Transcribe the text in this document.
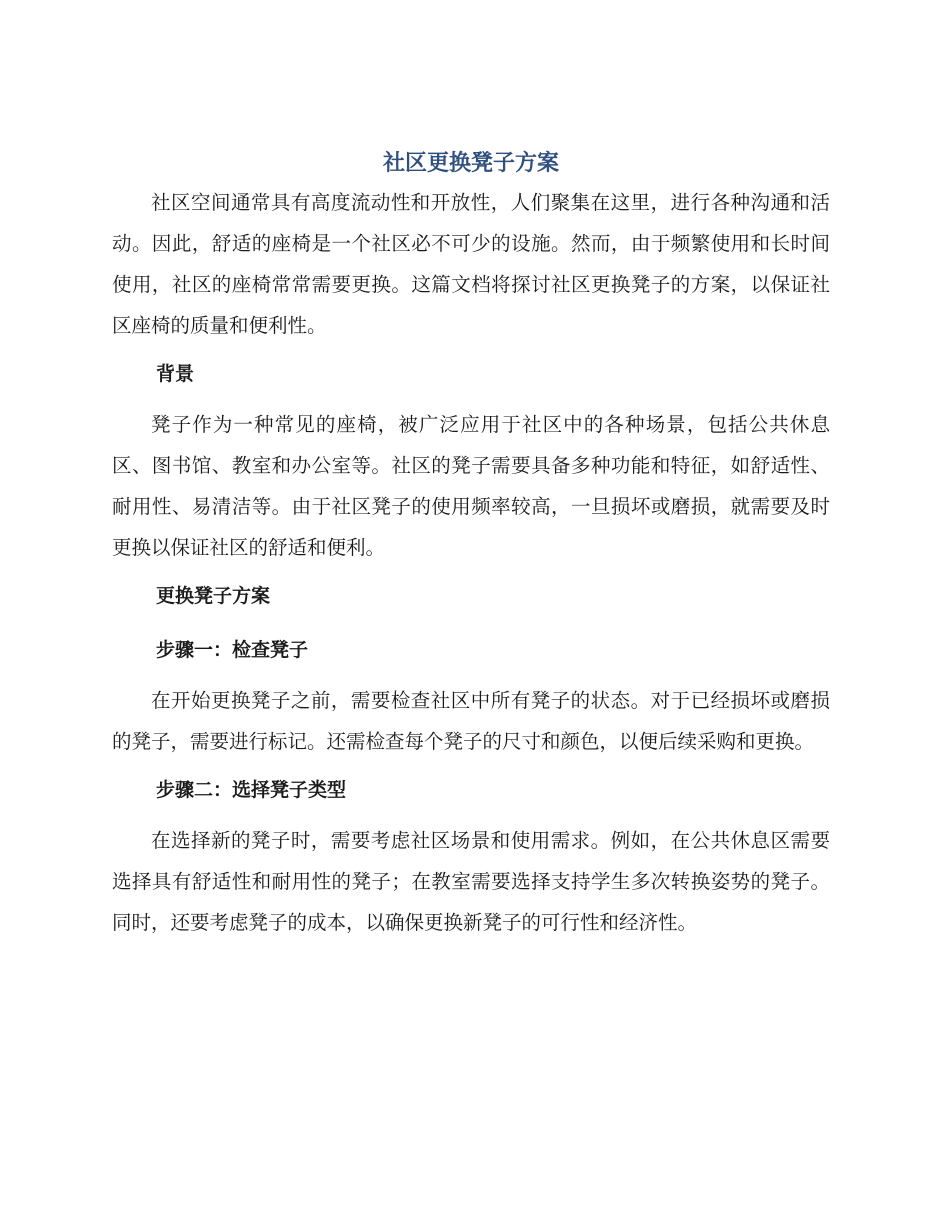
社区更换凳子方案

社区空间通常具有高度流动性和开放性，人们聚集在这里，进行各种沟通和活动。因此，舒适的座椅是一个社区必不可少的设施。然而，由于频繁使用和长时间使用，社区的座椅常常需要更换。这篇文档将探讨社区更换凳子的方案，以保证社区座椅的质量和便利性。

背景

凳子作为一种常见的座椅，被广泛应用于社区中的各种场景，包括公共休息区、图书馆、教室和办公室等。社区的凳子需要具备多种功能和特征，如舒适性、耐用性、易清洁等。由于社区凳子的使用频率较高，一旦损坏或磨损，就需要及时更换以保证社区的舒适和便利。

更换凳子方案
步骤一：检查凳子

在开始更换凳子之前，需要检查社区中所有凳子的状态。对于已经损坏或磨损的凳子，需要进行标记。还需检查每个凳子的尺寸和颜色，以便后续采购和更换。

步骤二：选择凳子类型

在选择新的凳子时，需要考虑社区场景和使用需求。例如，在公共休息区需要选择具有舒适性和耐用性的凳子；在教室需要选择支持学生多次转换姿势的凳子。同时，还要考虑凳子的成本，以确保更换新凳子的可行性和经济性。
